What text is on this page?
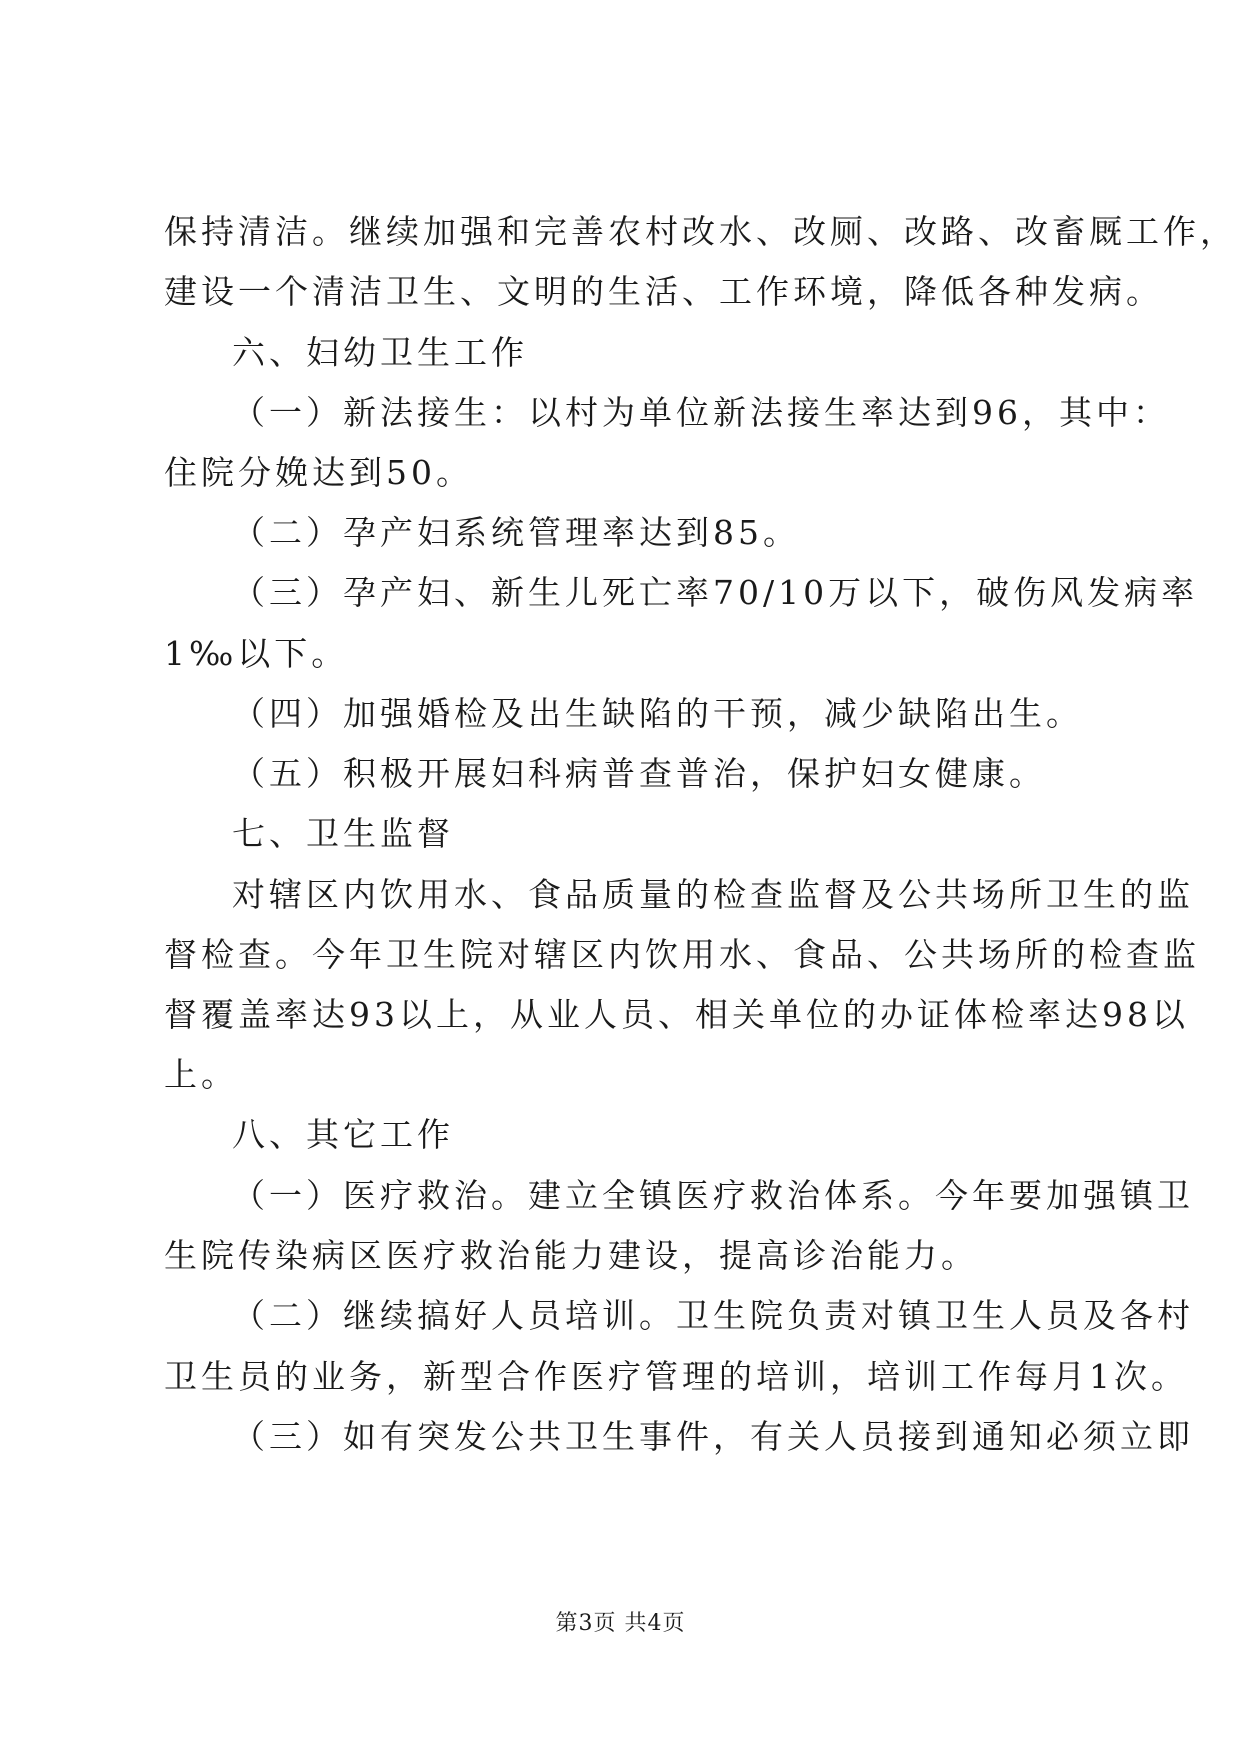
保持清洁。继续加强和完善农村改水、改厕、改路、改畜厩工作，
建设一个清洁卫生、文明的生活、工作环境，降低各种发病。
六、妇幼卫生工作
（一）新法接生：以村为单位新法接生率达到96，其中：
住院分娩达到50。
（二）孕产妇系统管理率达到85。
（三）孕产妇、新生儿死亡率70/10万以下，破伤风发病率
1‰以下。
（四）加强婚检及出生缺陷的干预，减少缺陷出生。
（五）积极开展妇科病普查普治，保护妇女健康。
七、卫生监督
对辖区内饮用水、食品质量的检查监督及公共场所卫生的监
督检查。今年卫生院对辖区内饮用水、食品、公共场所的检查监
督覆盖率达93以上，从业人员、相关单位的办证体检率达98以
上。
八、其它工作
（一）医疗救治。建立全镇医疗救治体系。今年要加强镇卫
生院传染病区医疗救治能力建设，提高诊治能力。
（二）继续搞好人员培训。卫生院负责对镇卫生人员及各村
卫生员的业务，新型合作医疗管理的培训，培训工作每月1次。
（三）如有突发公共卫生事件，有关人员接到通知必须立即
第3页 共4页
